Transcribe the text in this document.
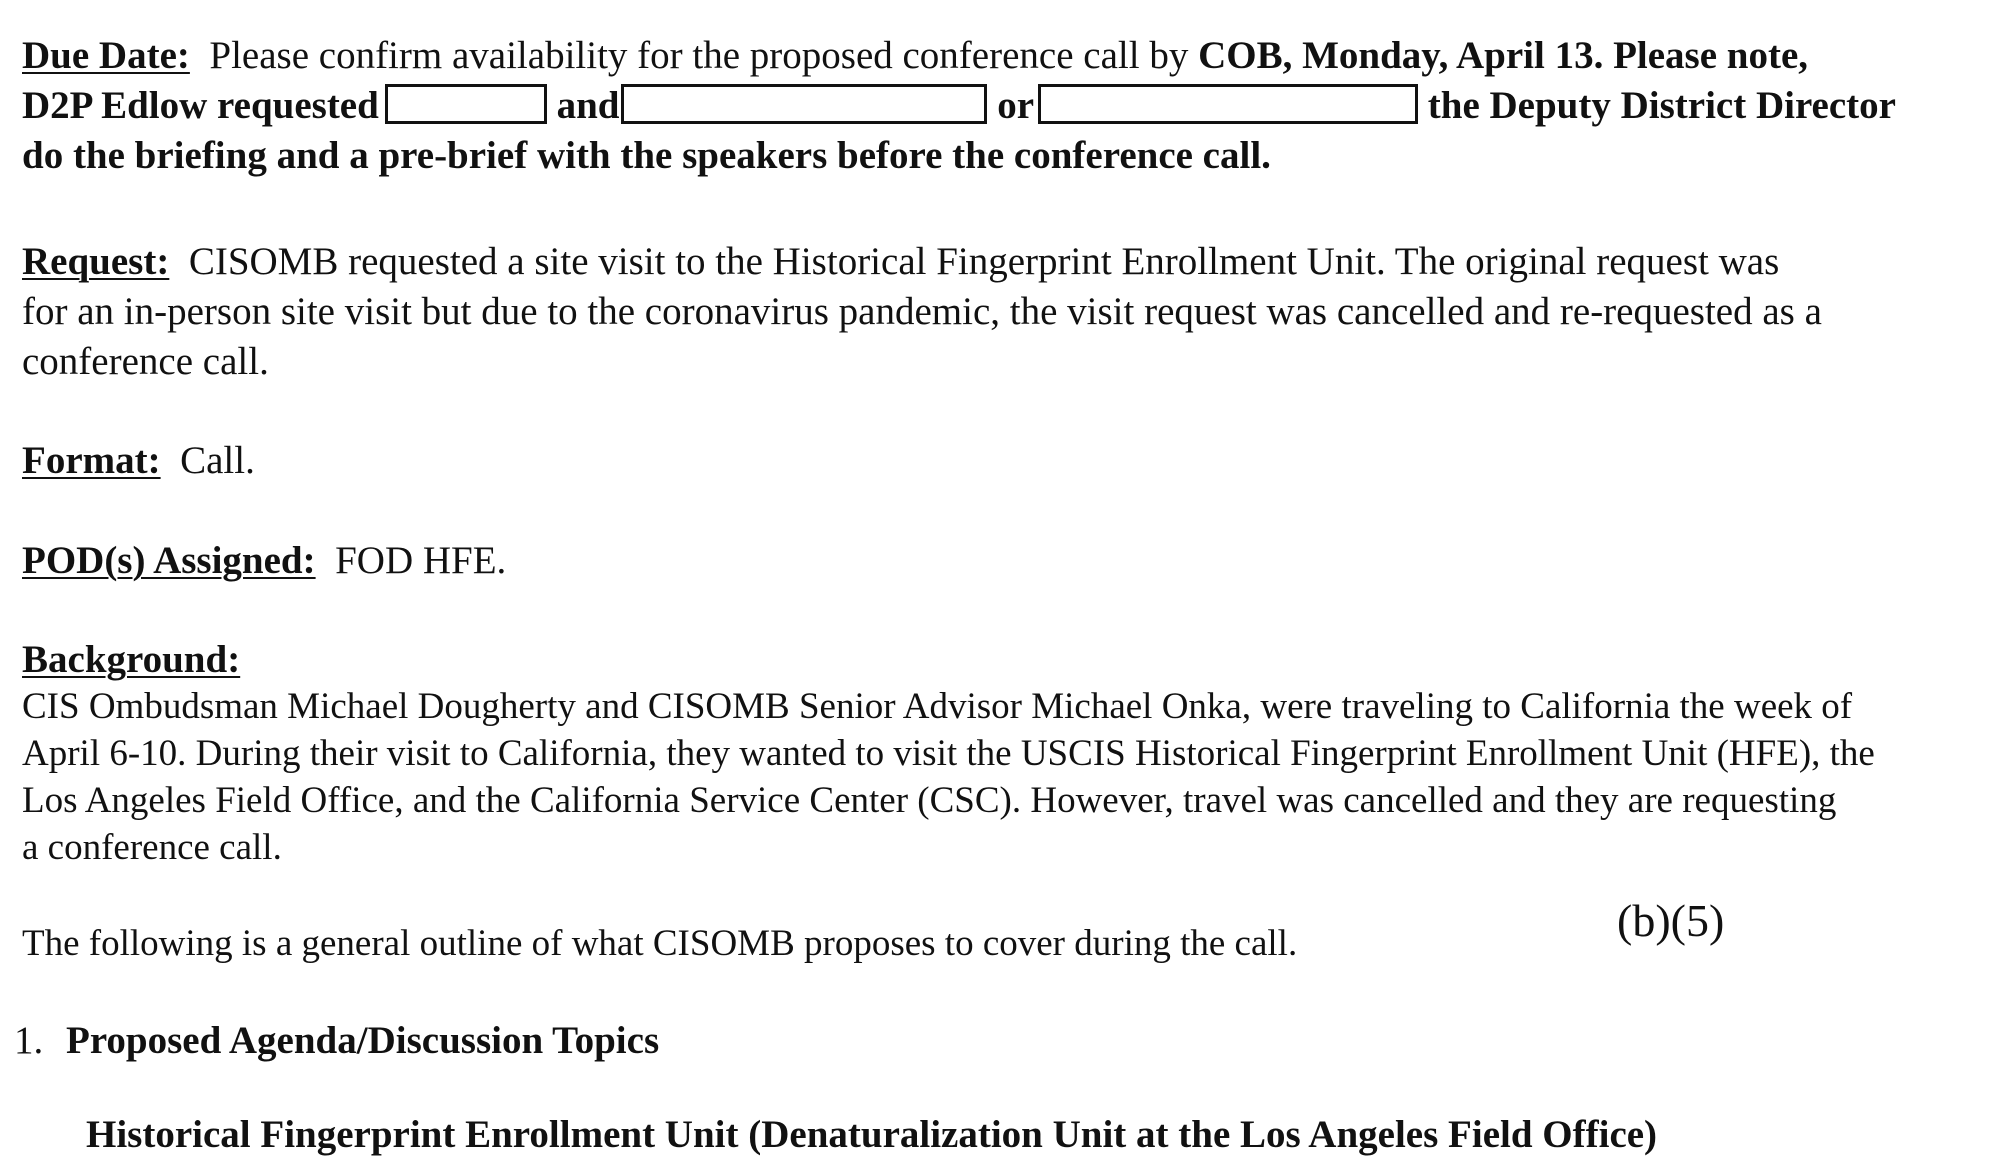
Due Date: Please confirm availability for the proposed conference call by COB, Monday, April 13. Please note,
D2P Edlow requested	and	or	the Deputy District Director
do the briefing and a pre-brief with the speakers before the conference call.
Request: CISOMB requested a site visit to the Historical Fingerprint Enrollment Unit. The original request was
for an in-person site visit but due to the coronavirus pandemic, the visit request was cancelled and re-requested as a
conference call.
Format: Call.
POD(s) Assigned: FOD HFE.
Background:
CIS Ombudsman Michael Dougherty and CISOMB Senior Advisor Michael Onka, were traveling to California the week of
April 6-10. During their visit to California, they wanted to visit the USCIS Historical Fingerprint Enrollment Unit (HFE), the
Los Angeles Field Office, and the California Service Center (CSC). However, travel was cancelled and they are requesting
a conference call.
The following is a general outline of what CISOMB proposes to cover during the call.	(b)(5)
1. Proposed Agenda/Discussion Topics
Historical Fingerprint Enrollment Unit (Denaturalization Unit at the Los Angeles Field Office)
